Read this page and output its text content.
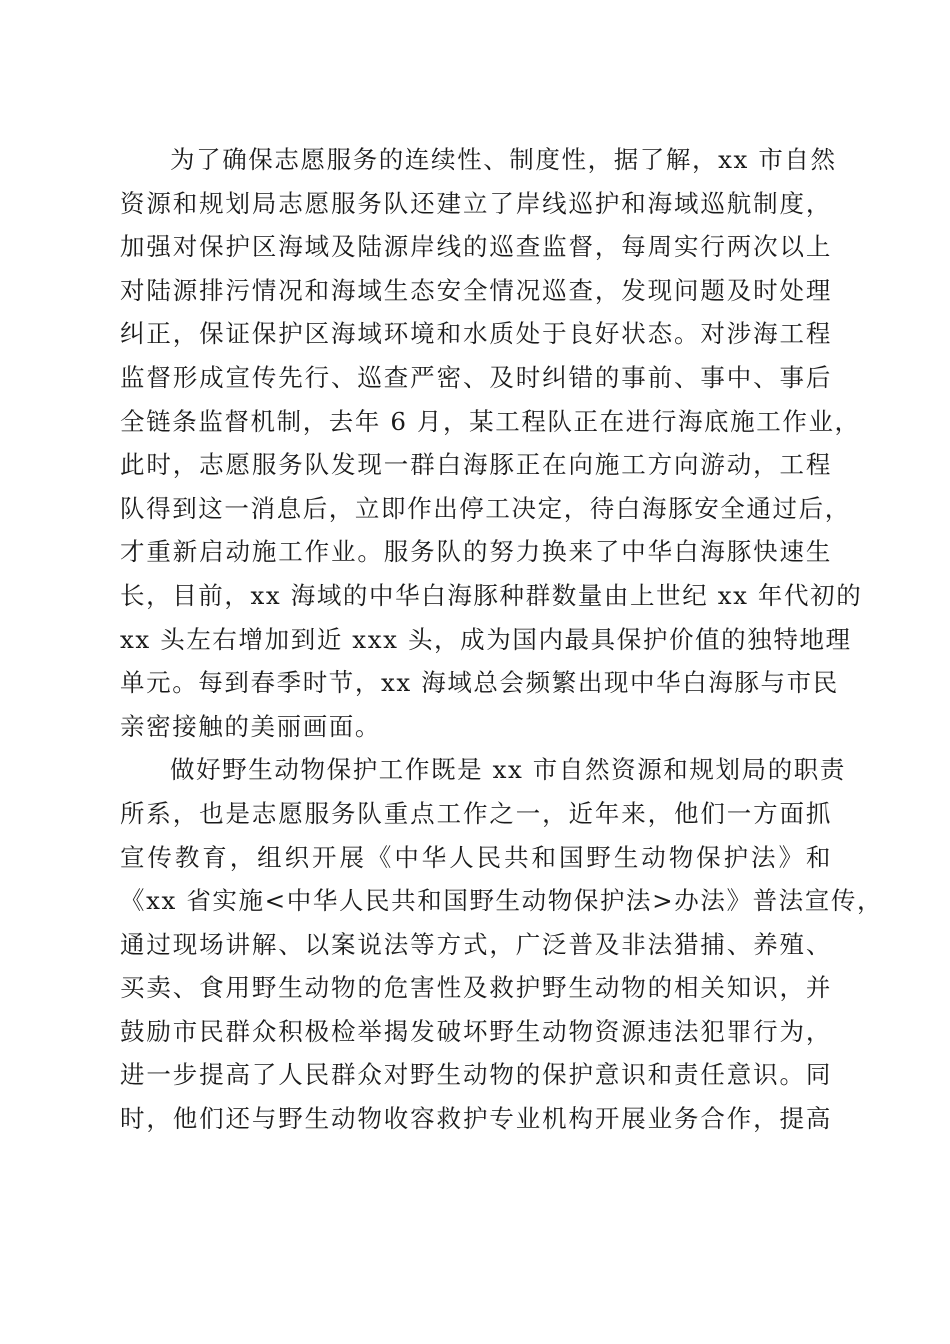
为了确保志愿服务的连续性、制度性，据了解，xx 市自然
资源和规划局志愿服务队还建立了岸线巡护和海域巡航制度，
加强对保护区海域及陆源岸线的巡查监督，每周实行两次以上
对陆源排污情况和海域生态安全情况巡查，发现问题及时处理
纠正，保证保护区海域环境和水质处于良好状态。对涉海工程
监督形成宣传先行、巡查严密、及时纠错的事前、事中、事后
全链条监督机制，去年 6 月，某工程队正在进行海底施工作业，
此时，志愿服务队发现一群白海豚正在向施工方向游动，工程
队得到这一消息后，立即作出停工决定，待白海豚安全通过后，
才重新启动施工作业。服务队的努力换来了中华白海豚快速生
长，目前，xx 海域的中华白海豚种群数量由上世纪 xx 年代初的
xx 头左右增加到近 xxx 头，成为国内最具保护价值的独特地理
单元。每到春季时节，xx 海域总会频繁出现中华白海豚与市民
亲密接触的美丽画面。
做好野生动物保护工作既是 xx 市自然资源和规划局的职责
所系，也是志愿服务队重点工作之一，近年来，他们一方面抓
宣传教育，组织开展《中华人民共和国野生动物保护法》和
《xx 省实施<中华人民共和国野生动物保护法>办法》普法宣传，
通过现场讲解、以案说法等方式，广泛普及非法猎捕、养殖、
买卖、食用野生动物的危害性及救护野生动物的相关知识，并
鼓励市民群众积极检举揭发破坏野生动物资源违法犯罪行为，
进一步提高了人民群众对野生动物的保护意识和责任意识。同
时，他们还与野生动物收容救护专业机构开展业务合作，提高
